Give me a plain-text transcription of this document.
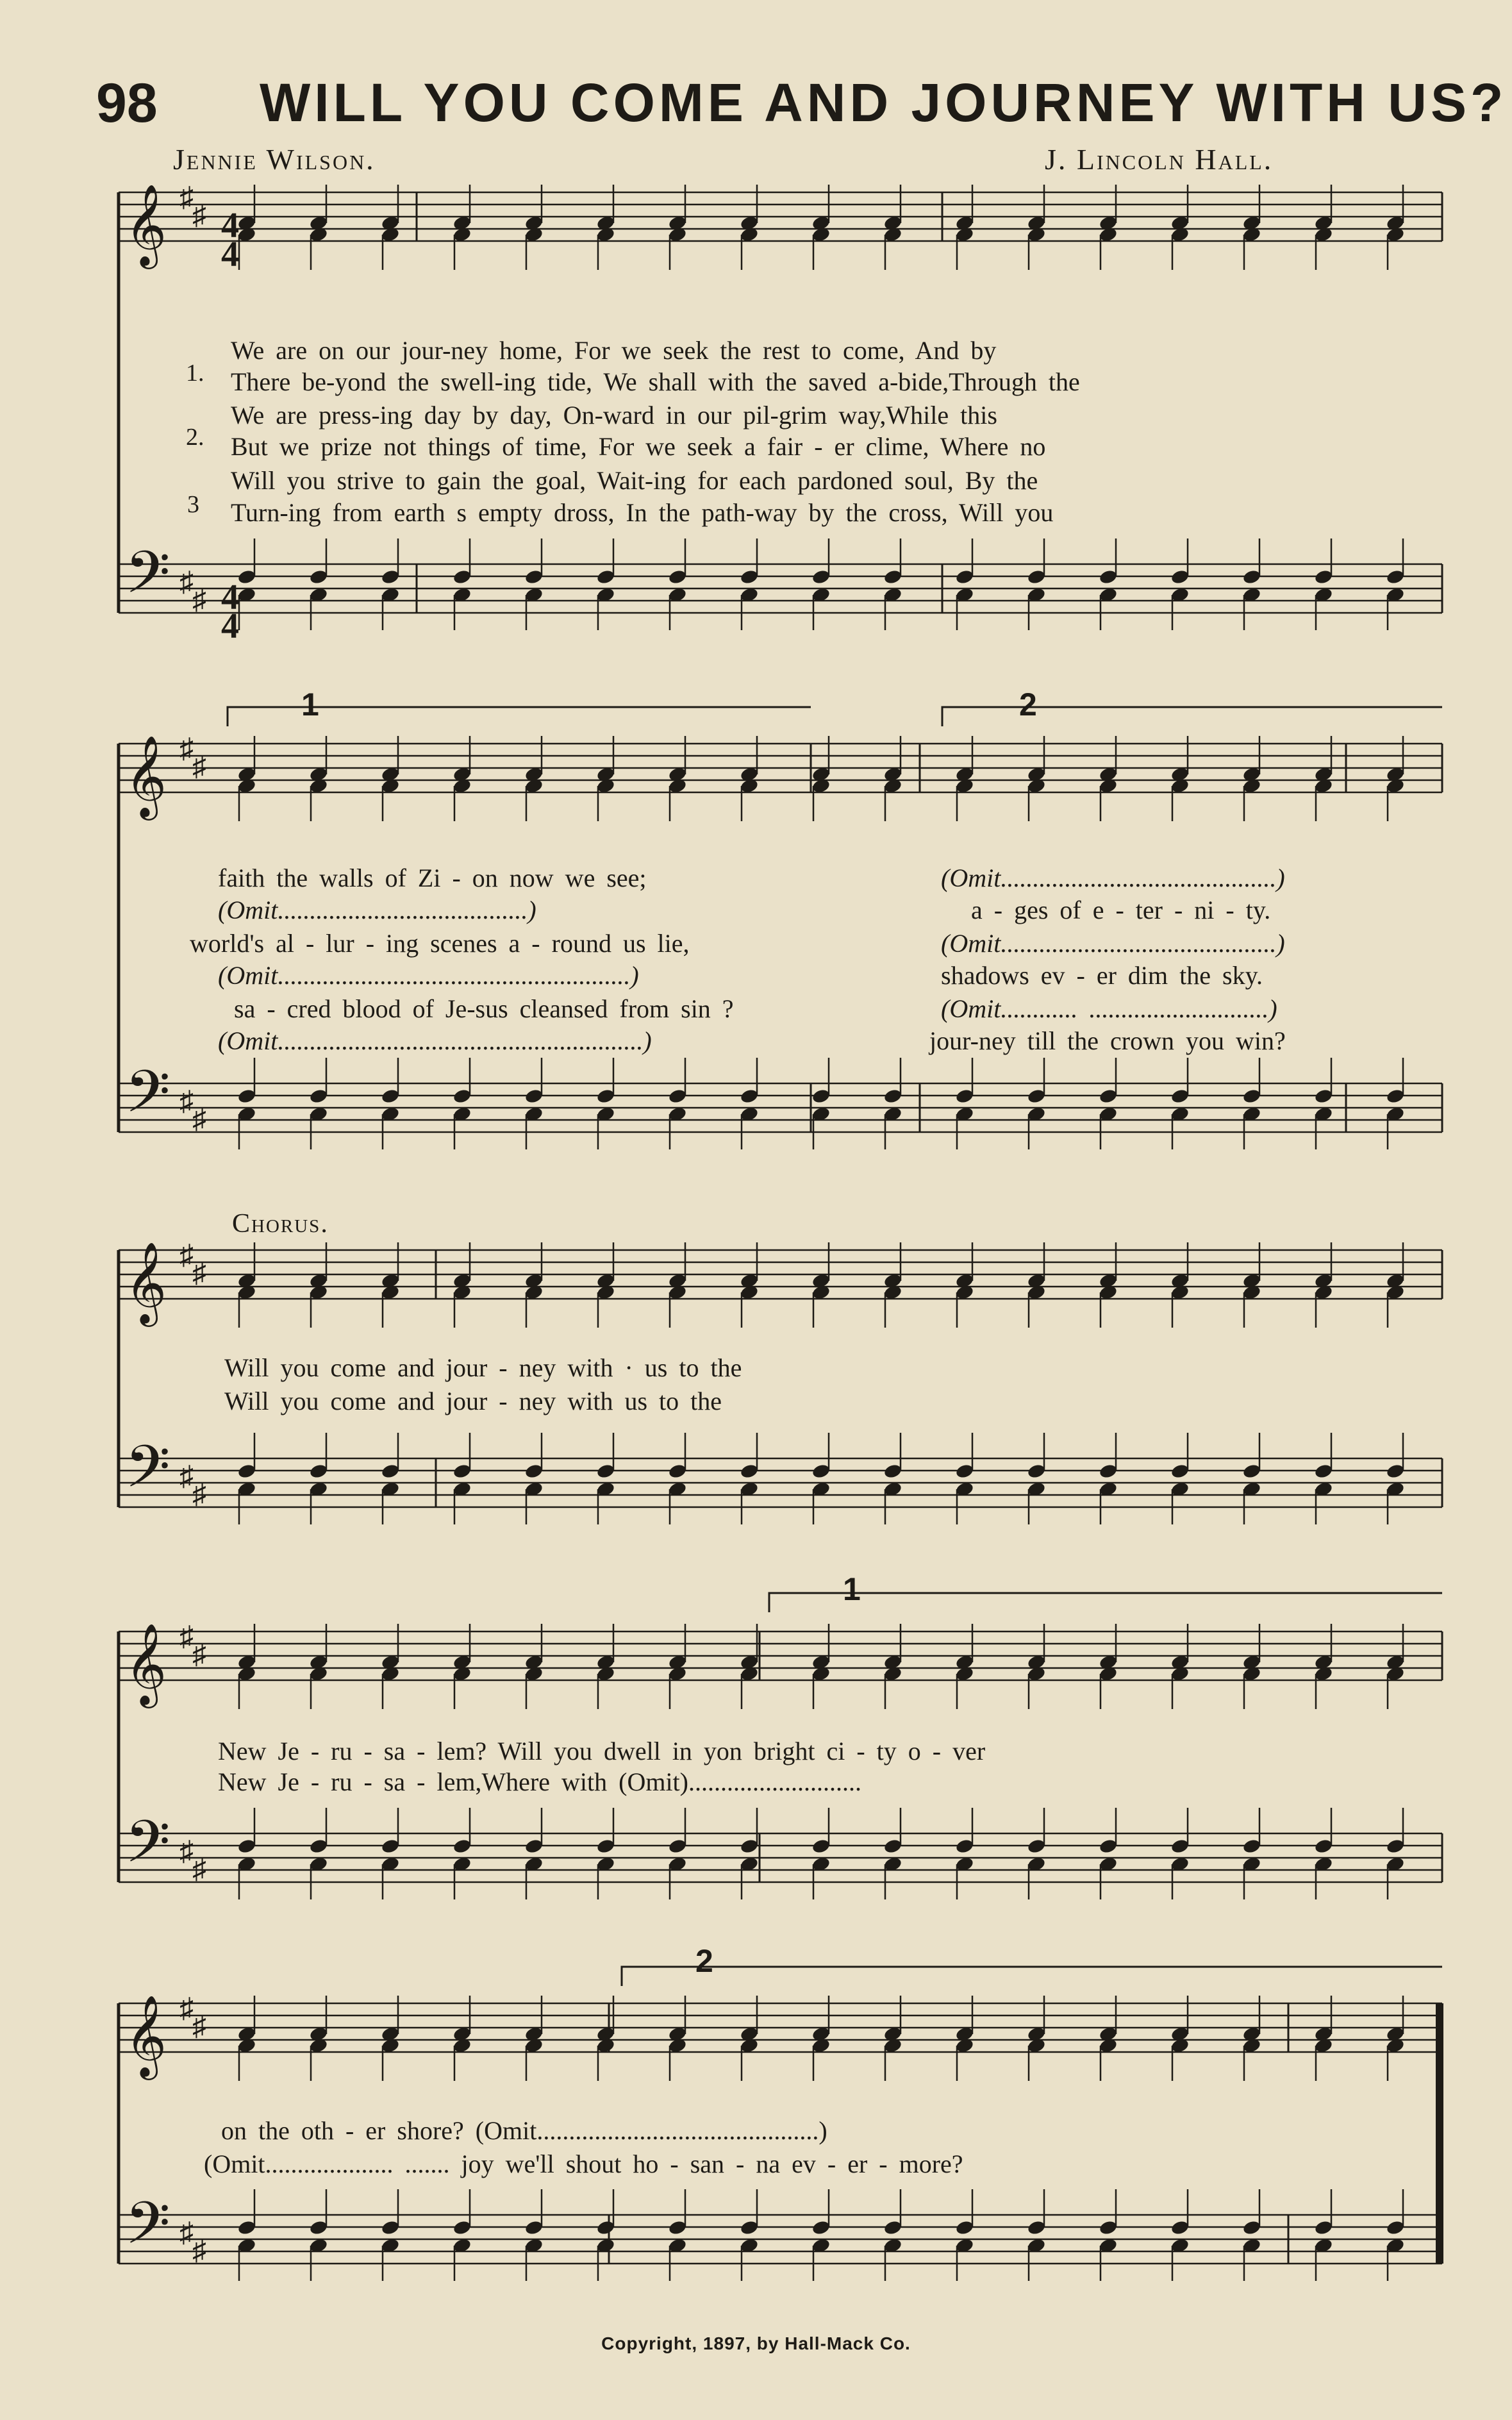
98 WILL YOU COME AND JOURNEY WITH US?
Jennie Wilson.	J. Lincoln Hall.
𝄞
𝄢
♯
♯
♯
♯
𝄞
𝄢
♯
♯
♯
♯
𝄞
𝄢
♯
♯
♯
♯
𝄞
𝄢
♯
♯
♯
♯
𝄞
𝄢
♯
♯
♯
♯
4
4
4
4
1	2
1
2
1.
2.
3
We are on our jour-ney home, For we seek the rest to come, And by
There be-yond the swell-ing tide, We shall with the saved a-bide,Through the
We are press-ing day by day, On-ward in our pil-grim way,While this
But we prize not things of time, For we seek a fair - er clime, Where no
Will you strive to gain the goal, Wait-ing for each pardoned soul, By the
Turn-ing from earth s empty dross, In the path-way by the cross, Will you
faith the walls of Zi - on now we see;
(Omit.......................................)
world's al - lur - ing scenes a - round us lie,
(Omit.......................................................)
sa - cred blood of Je-sus cleansed from sin ?
(Omit.........................................................)
(Omit...........................................)
a - ges of e - ter - ni - ty.
(Omit...........................................)
shadows ev - er dim the sky.
(Omit............ ............................)
jour-ney till the crown you win?
Chorus.
Will you come and jour - ney with · us to the
Will you come and jour - ney with us to the
New Je - ru - sa - lem? Will you dwell in yon bright ci - ty o - ver
New Je - ru - sa - lem,Where with (Omit)...........................
on the oth - er shore? (Omit............................................)
(Omit.................... ....... joy we'll shout ho - san - na ev - er - more?
Copyright, 1897, by Hall-Mack Co.
